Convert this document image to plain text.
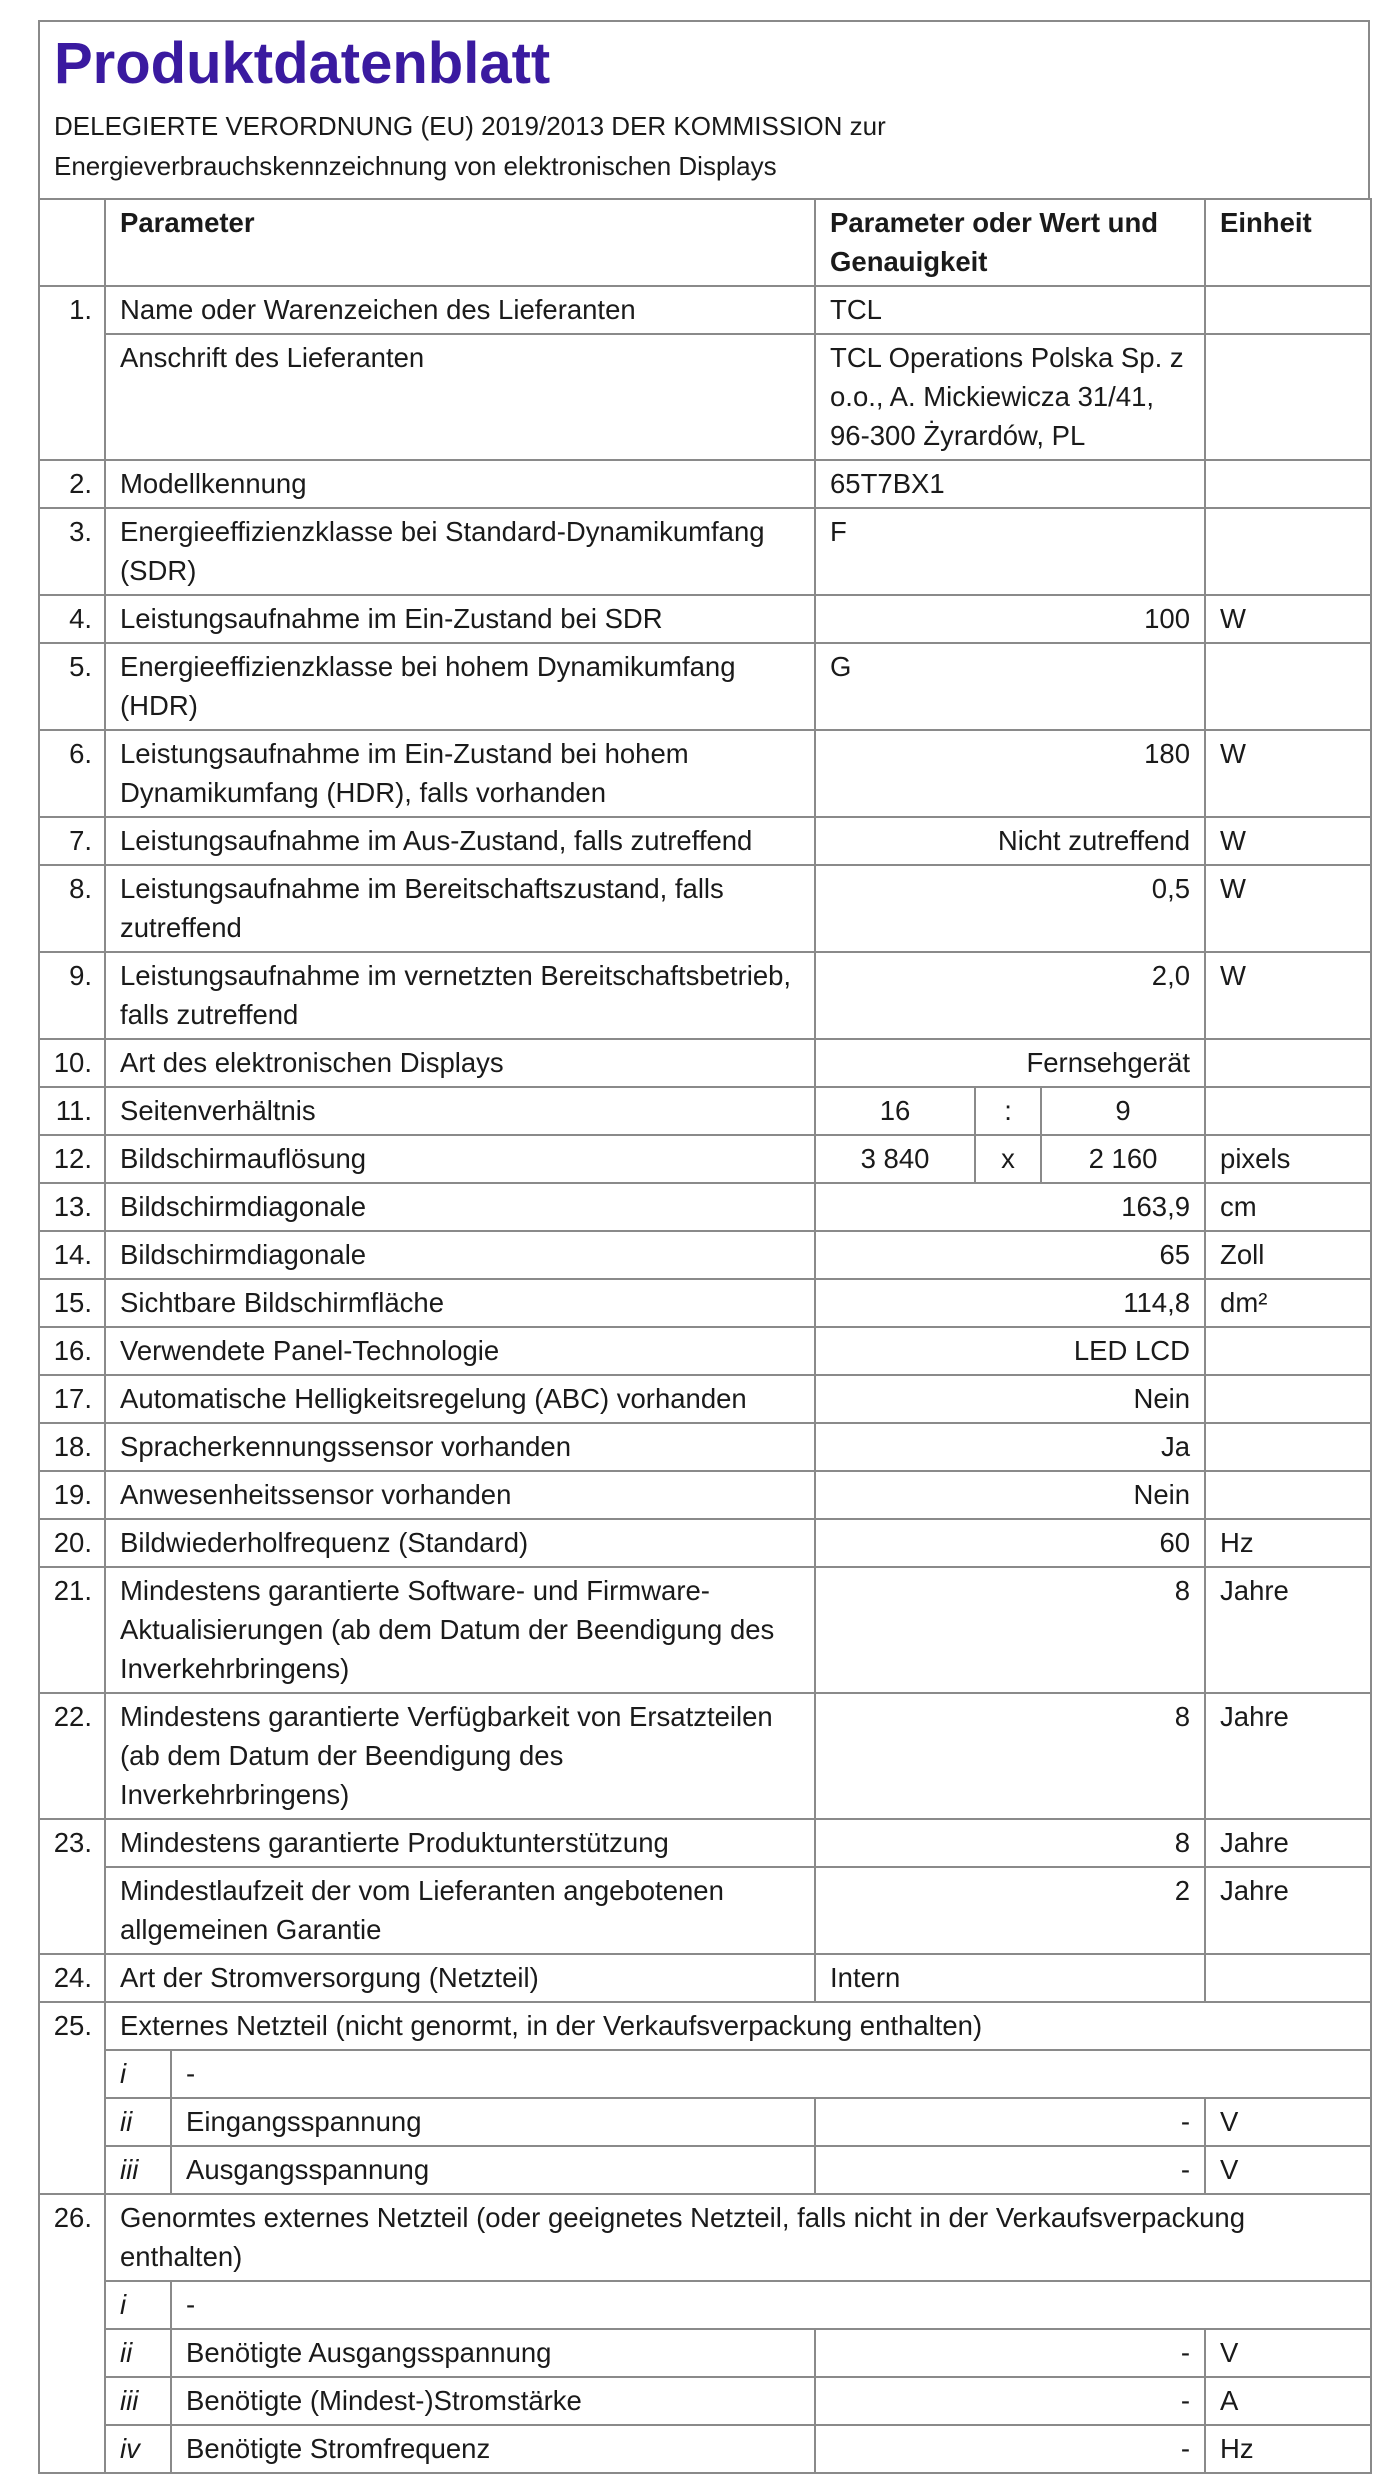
Produktdatenblatt
DELEGIERTE VERORDNUNG (EU) 2019/2013 DER KOMMISSION zur
Energieverbrauchskennzeichnung von elektronischen Displays
	Parameter		Parameter oder Wert und Genauigkeit			Einheit
1.	Name oder Warenzeichen des Lieferanten		TCL			
	Anschrift des Lieferanten		TCL Operations Polska Sp. z o.o., A. Mickiewicza 31/41, 96-300 Żyrardów, PL			
2.	Modellkennung		65T7BX1			
3.	Energieeffizienzklasse bei Standard-Dynamikumfang (SDR)		F			
4.	Leistungsaufnahme im Ein-Zustand bei SDR		100			W
5.	Energieeffizienzklasse bei hohem Dynamikumfang (HDR)		G			
6.	Leistungsaufnahme im Ein-Zustand bei hohem Dynamikumfang (HDR), falls vorhanden		180			W
7.	Leistungsaufnahme im Aus-Zustand, falls zutreffend		Nicht zutreffend			W
8.	Leistungsaufnahme im Bereitschaftszustand, falls zutreffend		0,5			W
9.	Leistungsaufnahme im vernetzten Bereitschaftsbetrieb, falls zutreffend		2,0			W
10.	Art des elektronischen Displays		Fernsehgerät			
11.	Seitenverhältnis		16	:	9	
12.	Bildschirmauflösung		3 840	x	2 160	pixels
13.	Bildschirmdiagonale		163,9			cm
14.	Bildschirmdiagonale		65			Zoll
15.	Sichtbare Bildschirmfläche		114,8			dm²
16.	Verwendete Panel-Technologie		LED LCD			
17.	Automatische Helligkeitsregelung (ABC) vorhanden		Nein			
18.	Spracherkennungssensor vorhanden		Ja			
19.	Anwesenheitssensor vorhanden		Nein			
20.	Bildwiederholfrequenz (Standard)		60			Hz
21.	Mindestens garantierte Software- und Firmware-Aktualisierungen (ab dem Datum der Beendigung des Inverkehrbringens)		8			Jahre
22.	Mindestens garantierte Verfügbarkeit von Ersatzteilen (ab dem Datum der Beendigung des Inverkehrbringens)		8			Jahre
23.	Mindestens garantierte Produktunterstützung		8			Jahre
	Mindestlaufzeit der vom Lieferanten angebotenen allgemeinen Garantie		2			Jahre
24.	Art der Stromversorgung (Netzteil)		Intern			
25.	Externes Netzteil (nicht genormt, in der Verkaufsverpackung enthalten)					
	i	-				
	ii	Eingangsspannung	-			V
	iii	Ausgangsspannung	-			V
26.	Genormtes externes Netzteil (oder geeignetes Netzteil, falls nicht in der Verkaufsverpackung enthalten)					
	i	-				
	ii	Benötigte Ausgangsspannung	-			V
	iii	Benötigte (Mindest-)Stromstärke	-			A
	iv	Benötigte Stromfrequenz	-			Hz
